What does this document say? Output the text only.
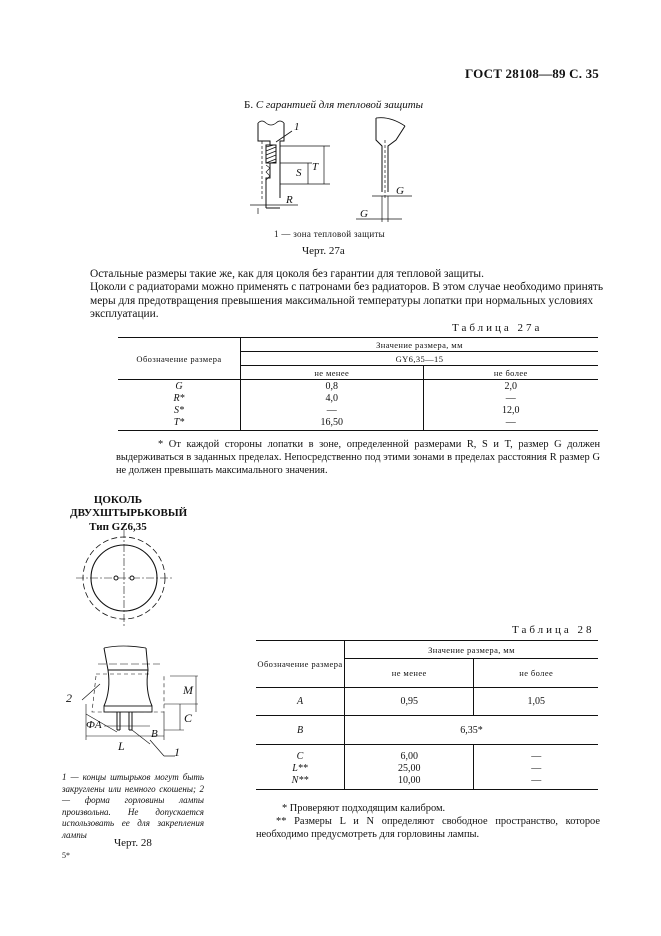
ГОСТ 28108—89 С. 35
Б. С гарантией для тепловой защиты
1
S T
R
G
G
1 — зона тепловой защиты
Черт. 27а
Остальные размеры такие же, как для цоколя без гарантии для тепловой защиты.
Цоколи с радиаторами можно применять с патронами без радиаторов. В этом случае необходимо принять меры для предотвращения превышения максимальной температуры лопатки при нормальных условиях эксплуатации.
Таблица 27а
Обозначение размера	Значение размера, мм	
	GY6,35—15	
	не менее	не более
G	0,8	2,0
R*	4,0	—
S*	—	12,0
T*	16,50	—
* От каждой стороны лопатки в зоне, определенной размерами R, S и T, размер G должен выдерживаться в заданных пределах. Непосредственно под этими зонами в пределах расстояния R размер G не должен превышать максимального значения.
ЦОКОЛЬ
ДВУХШТЫРЬКОВЫЙ
Тип GZ6,35
2
1
M
C
ФA
L
B
1 — концы штырьков могут быть закруглены или немного скошены; 2 — форма горловины лампы произвольна. Не допускается использовать ее для закрепления лампы
Черт. 28
Таблица 28
Обозначение размера	Значение размера, мм	
	не менее	не более
A	0,95	1,05
B	6,35*	
C	6,00	—
L**	25,00	—
N**	10,00	—
* Проверяют подходящим калибром.
** Размеры L и N определяют свободное пространство, которое необходимо предусмотреть для горловины лампы.
5*
